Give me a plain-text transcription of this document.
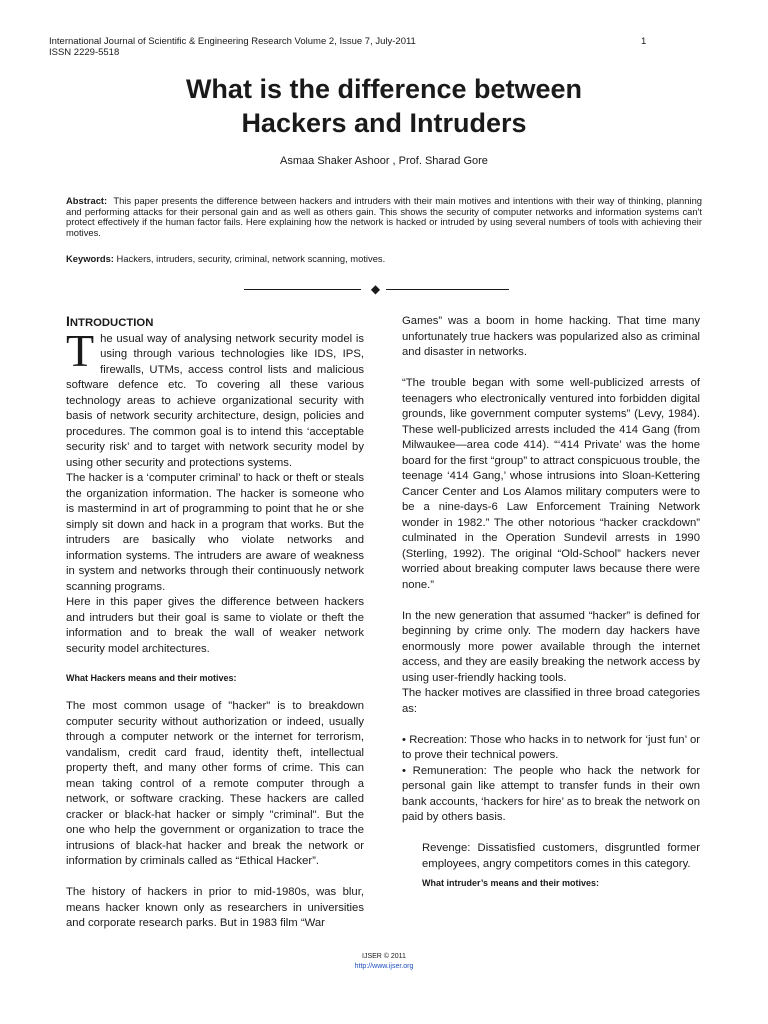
International Journal of Scientific & Engineering Research Volume 2, Issue 7, July-2011
ISSN 2229-5518
1
What is the difference between
Hackers and Intruders
Asmaa Shaker Ashoor , Prof. Sharad Gore
Abstract: This paper presents the difference between hackers and intruders with their main motives and intentions with their way of thinking, planning and performing attacks for their personal gain and as well as others gain. This shows the security of computer networks and information systems can't protect effectively if the human factor fails. Here explaining how the network is hacked or intruded by using several numbers of tools with achieving their motives.
Keywords: Hackers, intruders, security, criminal, network scanning, motives.
◆
INTRODUCTION

The usual way of analysing network security model is using through various technologies like IDS, IPS, firewalls, UTMs, access control lists and malicious software defence etc. To covering all these various technology areas to achieve organizational security with basis of network security architecture, design, policies and procedures. The common goal is to intend this ‘acceptable security risk’ and to target with network security model by using other security and protections systems.

The hacker is a ‘computer criminal’ to hack or theft or steals the organization information. The hacker is someone who is mastermind in art of programming to point that he or she simply sit down and hack in a program that works. But the intruders are basically who violate networks and information systems. The intruders are aware of weakness in system and networks through their continuously network scanning programs.

Here in this paper gives the difference between hackers and intruders but their goal is same to violate or theft the information and to break the wall of weaker network security model architectures.

What Hackers means and their motives:

The most common usage of "hacker" is to breakdown computer security without authorization or indeed, usually through a computer network or the internet for terrorism, vandalism, credit card fraud, identity theft, intellectual property theft, and many other forms of crime. This can mean taking control of a remote computer through a network, or software cracking. These hackers are called cracker or black-hat hacker or simply "criminal". But the one who help the government or organization to trace the intrusions of black-hat hacker and break the network or information by criminals called as “Ethical Hacker”.

The history of hackers in prior to mid-1980s, was blur, means hacker known only as researchers in universities and corporate research parks. But in 1983 film “War

Games” was a boom in home hacking. That time many unfortunately true hackers was popularized also as criminal and disaster in networks.

“The trouble began with some well-publicized arrests of teenagers who electronically ventured into forbidden digital grounds, like government computer systems” (Levy, 1984). These well-publicized arrests included the 414 Gang (from Milwaukee—area code 414). “‘414 Private’ was the home board for the first “group” to attract conspicuous trouble, the teenage ‘414 Gang,’ whose intrusions into Sloan-Kettering Cancer Center and Los Alamos military computers were to be a nine-days-6 Law Enforcement Training Network wonder in 1982.” The other notorious “hacker crackdown” culminated in the Operation Sundevil arrests in 1990 (Sterling, 1992). The original “Old-School” hackers never worried about breaking computer laws because there were none.”

In the new generation that assumed “hacker” is defined for beginning by crime only. The modern day hackers have enormously more power available through the internet access, and they are easily breaking the network access by using user-friendly hacking tools.

The hacker motives are classified in three broad categories as:

• Recreation: Those who hacks in to network for ‘just fun’ or to prove their technical powers.

• Remuneration: The people who hack the network for personal gain like attempt to transfer funds in their own bank accounts, ‘hackers for hire’ as to break the network on paid by others basis.

Revenge: Dissatisfied customers, disgruntled former employees, angry competitors comes in this category.

What intruder’s means and their motives:
IJSER © 2011
http://www.ijser.org
